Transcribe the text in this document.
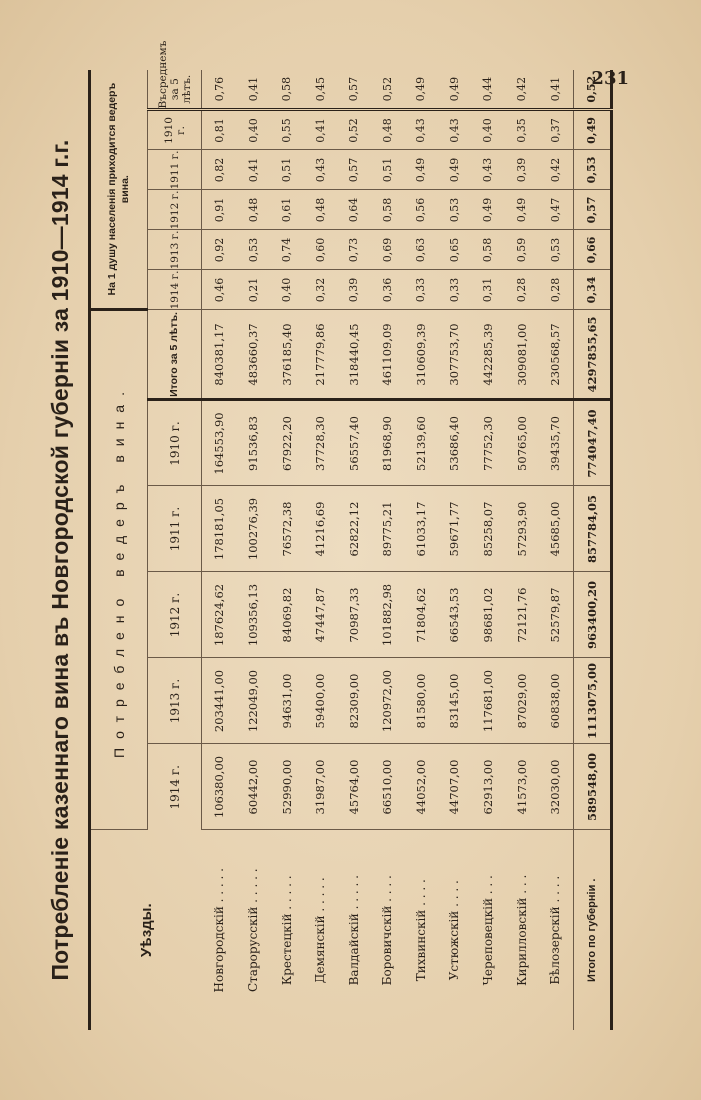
231
Потребленіе казеннаго вина въ Новгородской губерніи за 1910—1914 г.г.	Уѣзды.	Потреблено ведеръ вина.						На 1 душу населенія приходится ведеръ вина.					
	1914 г.	1913 г.	1912 г.	1911 г.	1910 г.	Итого за 5 лѣтъ.	1914 г.	1913 г.	1912 г.	1911 г.	1910 г.	Въсреднемъ за 5 лѣтъ.
Новгородскій . . . . .	106380,00	203441,00	187624,62	178181,05	164553,90	840381,17	0,46	0,92	0,91	0,82	0,81	0,76
Старорусскій . . . . .	60442,00	122049,00	109356,13	100276,39	91536,83	483660,37	0,21	0,53	0,48	0,41	0,40	0,41
Крестецкій . . . . .	52990,00	94631,00	84069,82	76572,38	67922,20	376185,40	0,40	0,74	0,61	0,51	0,55	0,58
Демянскій . . . . .	31987,00	59400,00	47447,87	41216,69	37728,30	217779,86	0,32	0,60	0,48	0,43	0,41	0,45
Валдайскій . . . . .	45764,00	82309,00	70987,33	62822,12	56557,40	318440,45	0,39	0,73	0,64	0,57	0,52	0,57
Боровичскій . . . .	66510,00	120972,00	101882,98	89775,21	81968,90	461109,09	0,36	0,69	0,58	0,51	0,48	0,52
Тихвинскій . . . .	44052,00	81580,00	71804,62	61033,17	52139,60	310609,39	0,33	0,63	0,56	0,49	0,43	0,49
Устюжскій . . . .	44707,00	83145,00	66543,53	59671,77	53686,40	307753,70	0,33	0,65	0,53	0,49	0,43	0,49
Череповецкій . . .	62913,00	117681,00	98681,02	85258,07	77752,30	442285,39	0,31	0,58	0,49	0,43	0,40	0,44
Кирилловскій . . .	41573,00	87029,00	72121,76	57293,90	50765,00	309081,00	0,28	0,59	0,49	0,39	0,35	0,42
Бѣлозерскій . . . .	32030,00	60838,00	52579,87	45685,00	39435,70	230568,57	0,28	0,53	0,47	0,42	0,37	0,41
Итого по губерніи .	589548,00	1113075,00	963400,20	857784,05	774047,40	4297855,65	0,34	0,66	0,57	0,53	0,49	0,52
